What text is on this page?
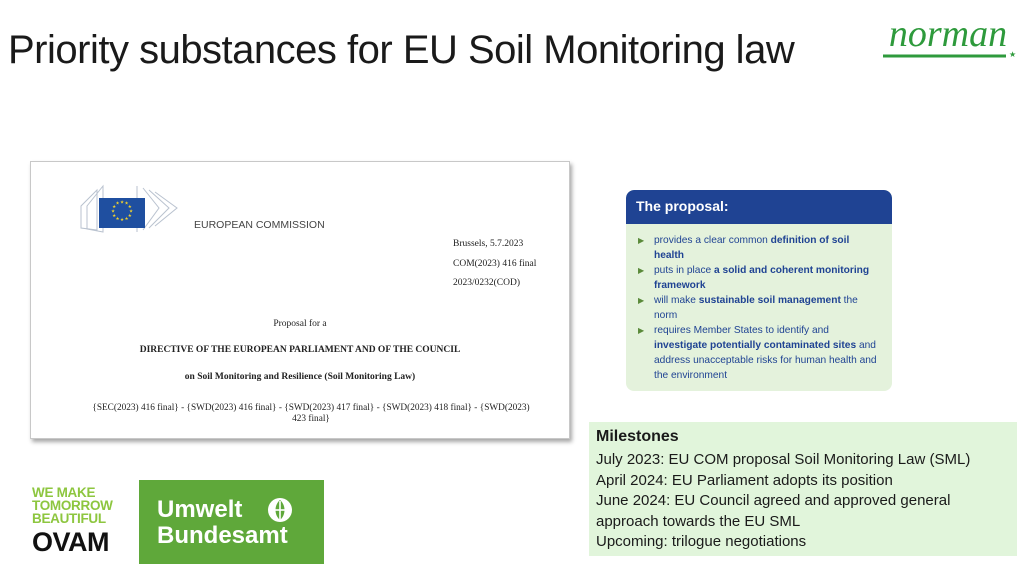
Priority substances for EU Soil Monitoring law norman ★
★ ★
★
★
★
★
★
★
★
★
★
★
EUROPEAN COMMISSION
Brussels, 5.7.2023
COM(2023) 416 final
2023/0232(COD)
Proposal for a
DIRECTIVE OF THE EUROPEAN PARLIAMENT AND OF THE COUNCIL
on Soil Monitoring and Resilience (Soil Monitoring Law)
{SEC(2023) 416 final} - {SWD(2023) 416 final} - {SWD(2023) 417 final} - {SWD(2023) 418 final} - {SWD(2023)
423 final}
The proposal:
▶ provides a clear common definition of soil health
▶ puts in place a solid and coherent monitoring framework
▶ will make sustainable soil management the norm
▶ requires Member States to identify and investigate potentially contaminated sites and address unacceptable risks for human health and the environment
Milestones
July 2023: EU COM proposal Soil Monitoring Law (SML)
April 2024: EU Parliament adopts its position
June 2024: EU Council agreed and approved general approach towards the EU SML
Upcoming: trilogue negotiations
WE MAKE
TOMORROW
BEAUTIFUL
OVAM
Umwelt
Bundesamt
